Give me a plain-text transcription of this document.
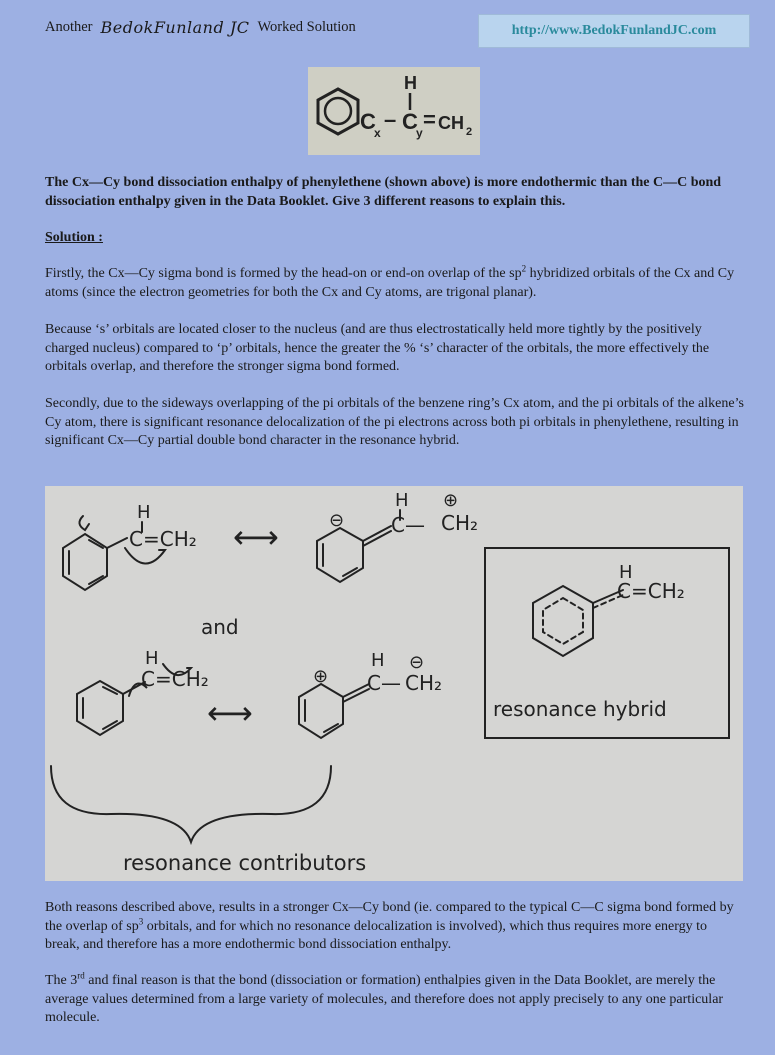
Another BedokFunland JC Worked Solution	http://www.BedokFunlandJC.com
C
x
–
H
C
y
= CH 2
The Cx—Cy bond dissociation enthalpy of phenylethene (shown above) is more endothermic than the C—C bond dissociation enthalpy given in the Data Booklet. Give 3 different reasons to explain this.
Solution :
Firstly, the Cx—Cy sigma bond is formed by the head-on or end-on overlap of the $sp^2$ hybridized orbitals of the Cx and Cy atoms (since the electron geometries for both the Cx and Cy atoms, are trigonal planar).
Because ‘s’ orbitals are located closer to the nucleus (and are thus electrostatically held more tightly by the positively charged nucleus) compared to ‘p’ orbitals, hence the greater the % ‘s’ character of the orbitals, the more effectively the orbitals overlap, and therefore the stronger sigma bond formed.
Secondly, due to the sideways overlapping of the pi orbitals of the benzene ring’s Cx atom, and the pi orbitals of the alkene’s Cy atom, there is significant resonance delocalization of the pi electrons across both pi orbitals in phenylethene, resulting in significant Cx—Cy partial double bond character in the resonance hybrid.
H
C=CH₂ ⟷	⊖
H
C—
⊕
CH₂
and
H
C=CH₂
⟷
⊕
H
C—
⊖
CH₂
H
C=CH₂
resonance hybrid
resonance contributors
Both reasons described above, results in a stronger Cx—Cy bond (ie. compared to the typical C—C sigma bond formed by the overlap of $sp^3$ orbitals, and for which no resonance delocalization is involved), which thus requires more energy to break, and therefore has a more endothermic bond dissociation enthalpy.
The 3rd and final reason is that the bond (dissociation or formation) enthalpies given in the Data Booklet, are merely the average values determined from a large variety of molecules, and therefore does not apply precisely to any one particular molecule.
